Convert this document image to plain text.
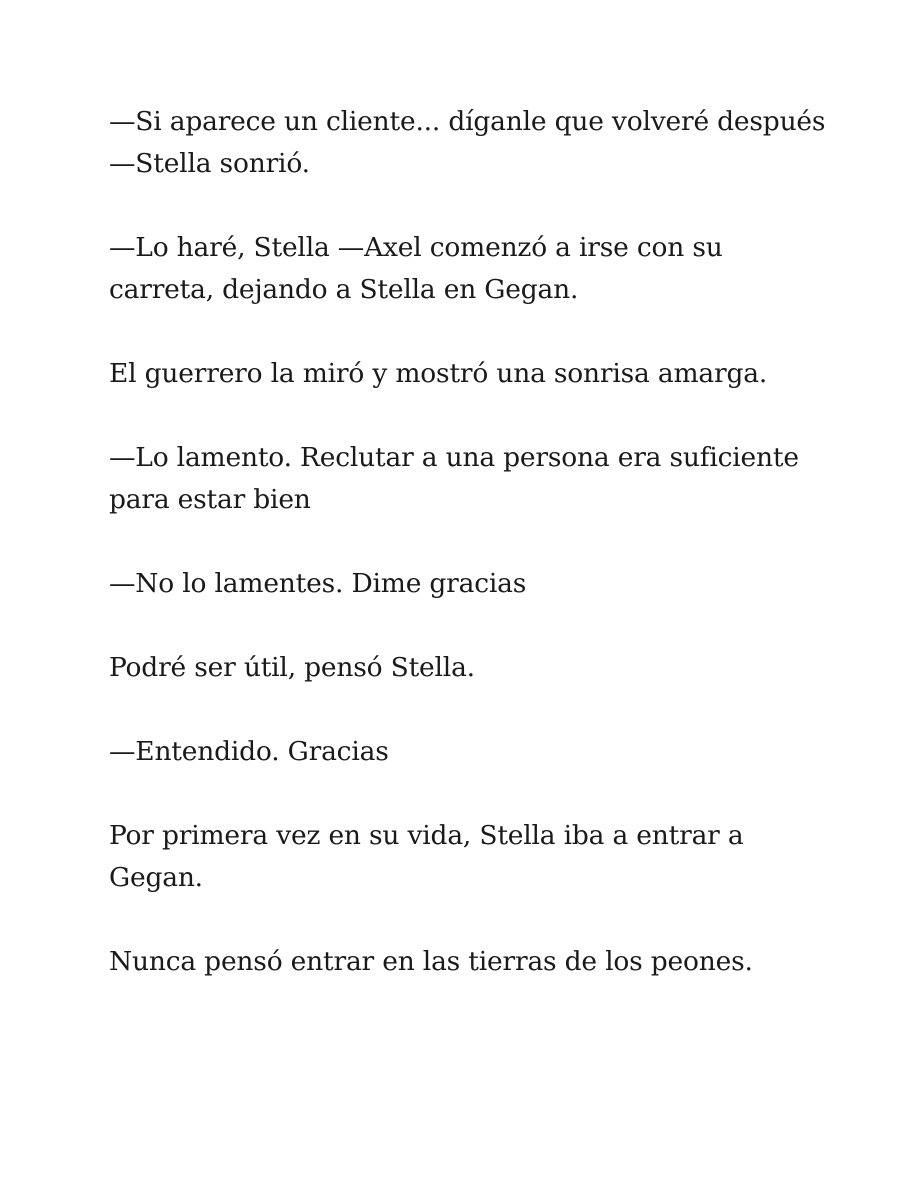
—Si aparece un cliente... díganle que volveré después —Stella sonrió.

—Lo haré, Stella —Axel comenzó a irse con su carreta, dejando a Stella en Gegan.

El guerrero la miró y mostró una sonrisa amarga.

—Lo lamento. Reclutar a una persona era suficiente para estar bien

—No lo lamentes. Dime gracias

Podré ser útil, pensó Stella.

—Entendido. Gracias

Por primera vez en su vida, Stella iba a entrar a Gegan.

Nunca pensó entrar en las tierras de los peones.
